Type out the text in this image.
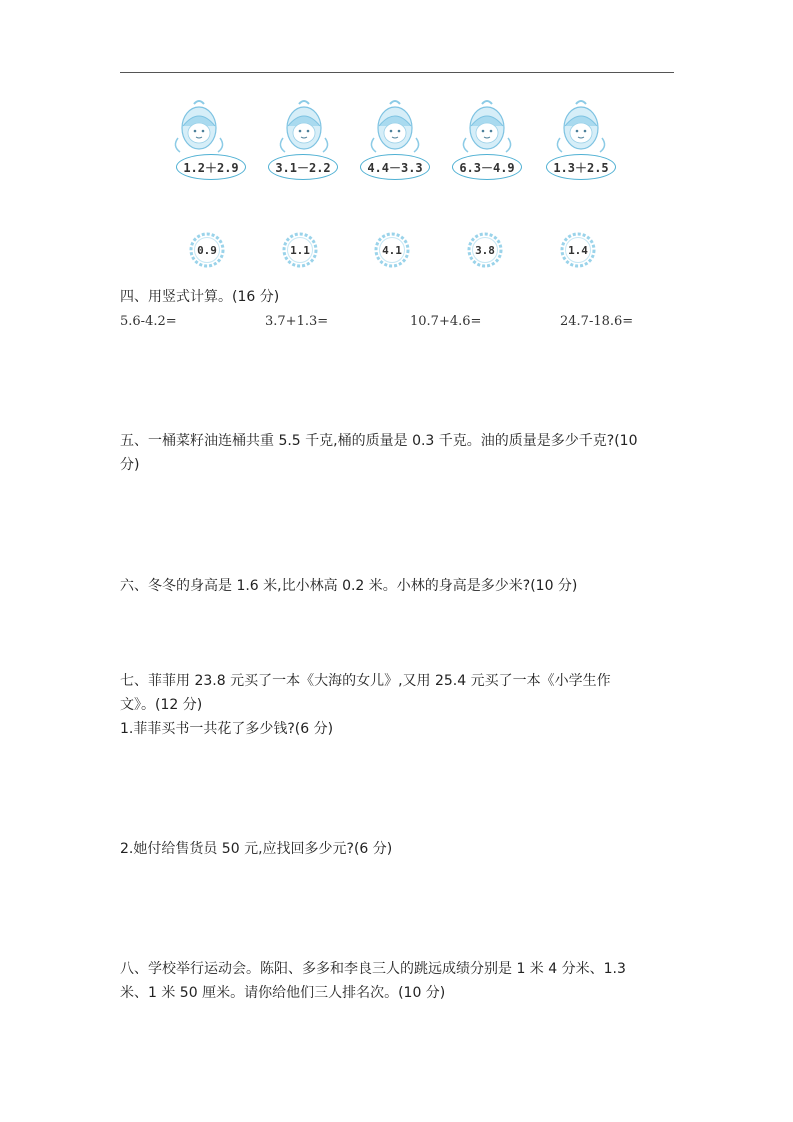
1.2＋2.9	3.1－2.2	4.4－3.3	6.3－4.9	1.3＋2.5
0.9	1.1	4.1	3.8	1.4
四、用竖式计算。(16 分)
5.6-4.2=	3.7+1.3=	10.7+4.6=	24.7-18.6=
五、一桶菜籽油连桶共重 5.5 千克,桶的质量是 0.3 千克。油的质量是多少千克?(10
分)
六、冬冬的身高是 1.6 米,比小林高 0.2 米。小林的身高是多少米?(10 分)
七、菲菲用 23.8 元买了一本《大海的女儿》,又用 25.4 元买了一本《小学生作
文》。(12 分)
1.菲菲买书一共花了多少钱?(6 分)
2.她付给售货员 50 元,应找回多少元?(6 分)
八、学校举行运动会。陈阳、多多和李良三人的跳远成绩分别是 1 米 4 分米、1.3
米、1 米 50 厘米。请你给他们三人排名次。(10 分)
